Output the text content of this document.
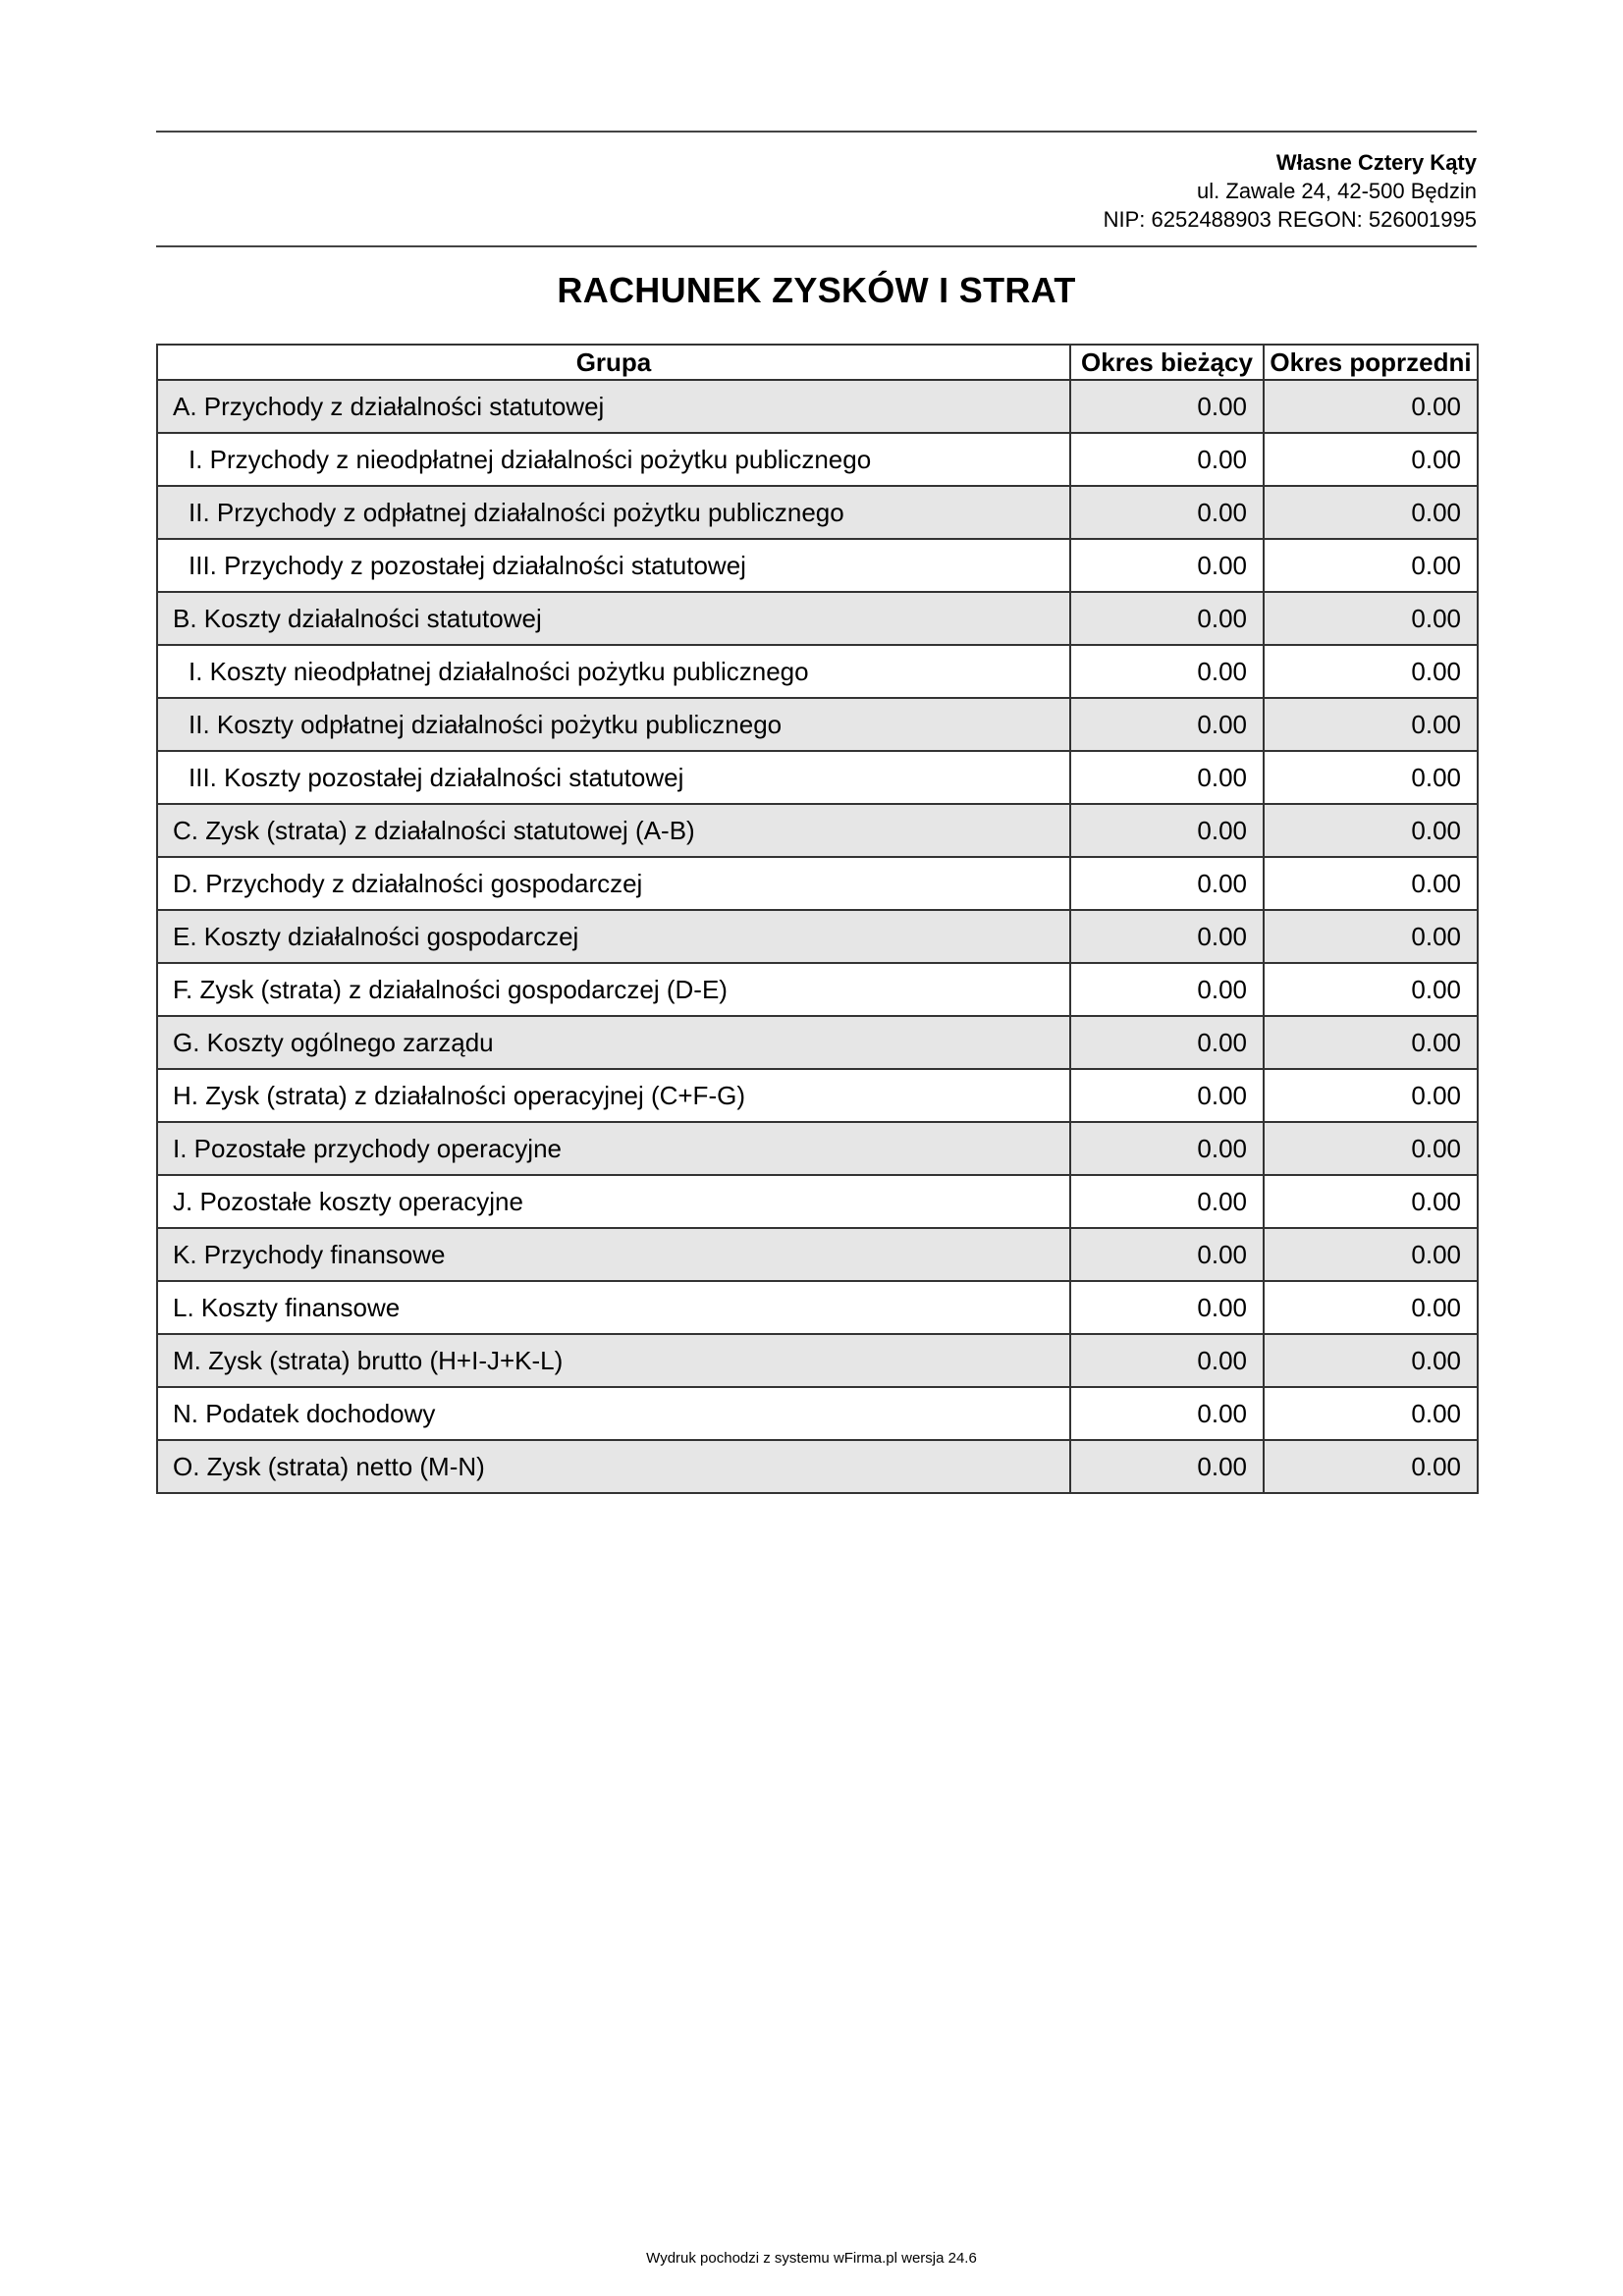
Własne Cztery Kąty
ul. Zawale 24, 42-500 Będzin
NIP: 6252488903 REGON: 526001995
RACHUNEK ZYSKÓW I STRAT
Grupa	Okres bieżący	Okres poprzedni
A. Przychody z działalności statutowej	0.00	0.00
I. Przychody z nieodpłatnej działalności pożytku publicznego	0.00	0.00
II. Przychody z odpłatnej działalności pożytku publicznego	0.00	0.00
III. Przychody z pozostałej działalności statutowej	0.00	0.00
B. Koszty działalności statutowej	0.00	0.00
I. Koszty nieodpłatnej działalności pożytku publicznego	0.00	0.00
II. Koszty odpłatnej działalności pożytku publicznego	0.00	0.00
III. Koszty pozostałej działalności statutowej	0.00	0.00
C. Zysk (strata) z działalności statutowej (A-B)	0.00	0.00
D. Przychody z działalności gospodarczej	0.00	0.00
E. Koszty działalności gospodarczej	0.00	0.00
F. Zysk (strata) z działalności gospodarczej (D-E)	0.00	0.00
G. Koszty ogólnego zarządu	0.00	0.00
H. Zysk (strata) z działalności operacyjnej (C+F-G)	0.00	0.00
I. Pozostałe przychody operacyjne	0.00	0.00
J. Pozostałe koszty operacyjne	0.00	0.00
K. Przychody finansowe	0.00	0.00
L. Koszty finansowe	0.00	0.00
M. Zysk (strata) brutto (H+I-J+K-L)	0.00	0.00
N. Podatek dochodowy	0.00	0.00
O. Zysk (strata) netto (M-N)	0.00	0.00
Wydruk pochodzi z systemu wFirma.pl wersja 24.6
